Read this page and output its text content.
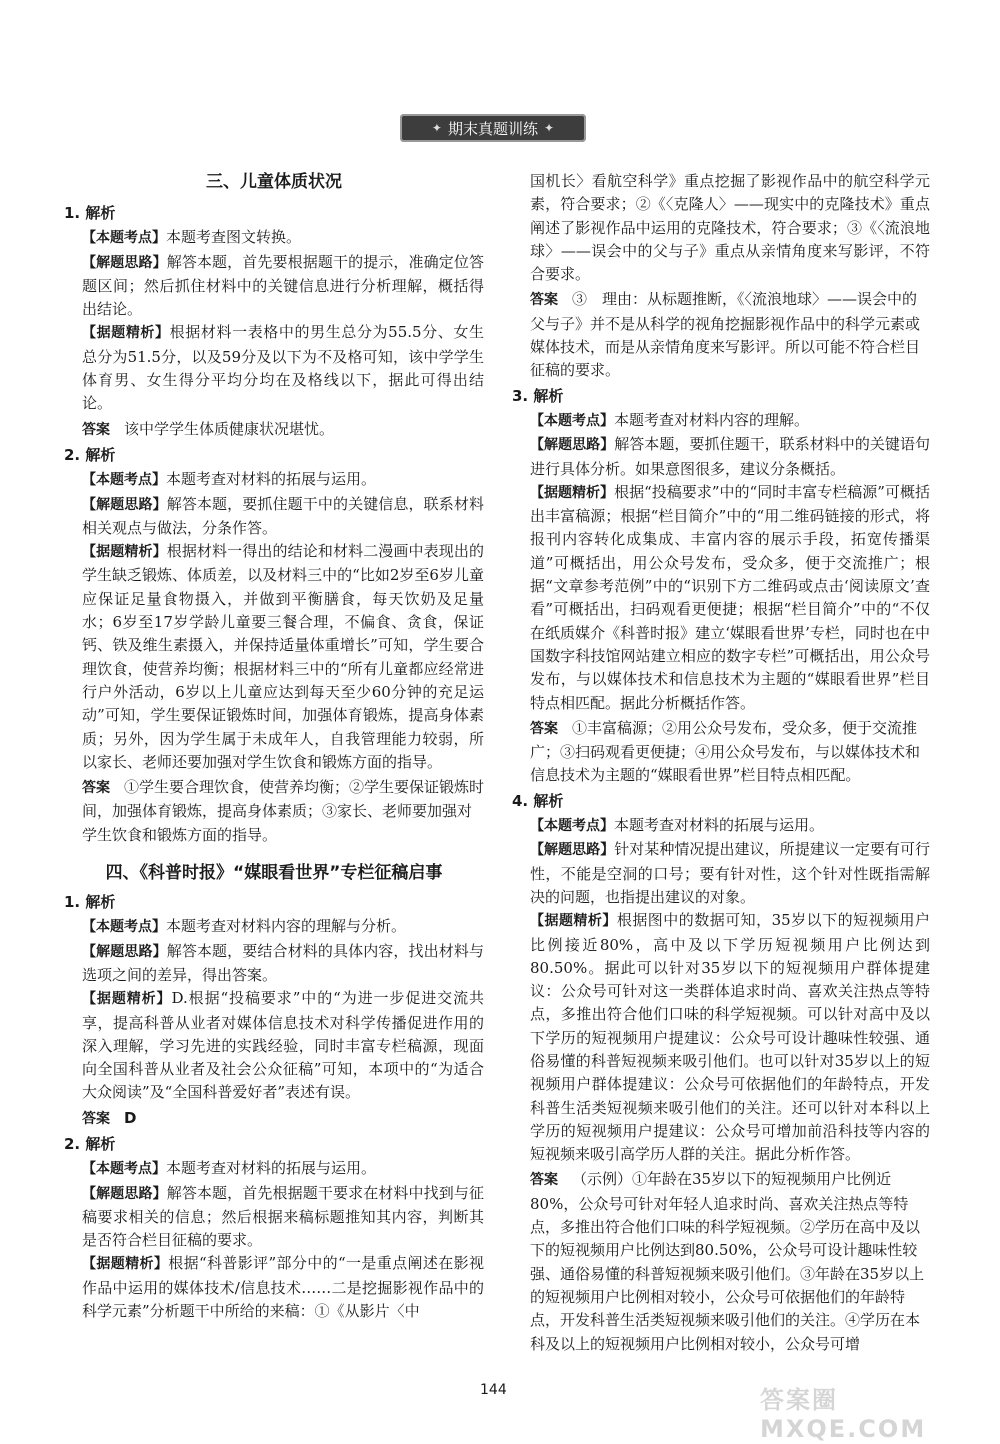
✦ 期末真题训练 ✦
三、儿童体质状况
1. 解析
【本题考点】本题考查图文转换。
【解题思路】解答本题，首先要根据题干的提示，准确定位答题区间；然后抓住材料中的关键信息进行分析理解，概括得出结论。
【据题精析】根据材料一表格中的男生总分为55.5分、女生总分为51.5分，以及59分及以下为不及格可知，该中学学生体育男、女生得分平均分均在及格线以下，据此可得出结论。
答案 该中学学生体质健康状况堪忧。
2. 解析
【本题考点】本题考查对材料的拓展与运用。
【解题思路】解答本题，要抓住题干中的关键信息，联系材料相关观点与做法，分条作答。
【据题精析】根据材料一得出的结论和材料二漫画中表现出的学生缺乏锻炼、体质差，以及材料三中的“比如2岁至6岁儿童应保证足量食物摄入，并做到平衡膳食，每天饮奶及足量水；6岁至17岁学龄儿童要三餐合理，不偏食、贪食，保证钙、铁及维生素摄入，并保持适量体重增长”可知，学生要合理饮食，使营养均衡；根据材料三中的“所有儿童都应经常进行户外活动，6岁以上儿童应达到每天至少60分钟的充足运动”可知，学生要保证锻炼时间，加强体育锻炼，提高身体素质；另外，因为学生属于未成年人，自我管理能力较弱，所以家长、老师还要加强对学生饮食和锻炼方面的指导。
答案 ①学生要合理饮食，使营养均衡；②学生要保证锻炼时间，加强体育锻炼，提高身体素质；③家长、老师要加强对学生饮食和锻炼方面的指导。
四、《科普时报》“媒眼看世界”专栏征稿启事
1. 解析
【本题考点】本题考查对材料内容的理解与分析。
【解题思路】解答本题，要结合材料的具体内容，找出材料与选项之间的差异，得出答案。
【据题精析】D.根据“投稿要求”中的“为进一步促进交流共享，提高科普从业者对媒体信息技术对科学传播促进作用的深入理解，学习先进的实践经验，同时丰富专栏稿源，现面向全国科普从业者及社会公众征稿”可知，本项中的“为适合大众阅读”及“全国科普爱好者”表述有误。
答案 D
2. 解析
【本题考点】本题考查对材料的拓展与运用。
【解题思路】解答本题，首先根据题干要求在材料中找到与征稿要求相关的信息；然后根据来稿标题推知其内容，判断其是否符合栏目征稿的要求。
【据题精析】根据“科普影评”部分中的“一是重点阐述在影视作品中运用的媒体技术/信息技术……二是挖掘影视作品中的科学元素”分析题干中所给的来稿：①《从影片〈中
国机长〉看航空科学》重点挖掘了影视作品中的航空科学元素，符合要求；②《〈克隆人〉——现实中的克隆技术》重点阐述了影视作品中运用的克隆技术，符合要求；③《〈流浪地球〉——误会中的父与子》重点从亲情角度来写影评，不符合要求。
答案 ③　理由：从标题推断，《〈流浪地球〉——误会中的父与子》并不是从科学的视角挖掘影视作品中的科学元素或媒体技术，而是从亲情角度来写影评。所以可能不符合栏目征稿的要求。
3. 解析
【本题考点】本题考查对材料内容的理解。
【解题思路】解答本题，要抓住题干，联系材料中的关键语句进行具体分析。如果意图很多，建议分条概括。
【据题精析】根据“投稿要求”中的“同时丰富专栏稿源”可概括出丰富稿源；根据“栏目简介”中的“用二维码链接的形式，将报刊内容转化成集成、丰富内容的展示手段，拓宽传播渠道”可概括出，用公众号发布，受众多，便于交流推广；根据“文章参考范例”中的“识别下方二维码或点击‘阅读原文’查看”可概括出，扫码观看更便捷；根据“栏目简介”中的“不仅在纸质媒介《科普时报》建立‘媒眼看世界’专栏，同时也在中国数字科技馆网站建立相应的数字专栏”可概括出，用公众号发布，与以媒体技术和信息技术为主题的“媒眼看世界”栏目特点相匹配。据此分析概括作答。
答案 ①丰富稿源；②用公众号发布，受众多，便于交流推广；③扫码观看更便捷；④用公众号发布，与以媒体技术和信息技术为主题的“媒眼看世界”栏目特点相匹配。
4. 解析
【本题考点】本题考查对材料的拓展与运用。
【解题思路】针对某种情况提出建议，所提建议一定要有可行性，不能是空洞的口号；要有针对性，这个针对性既指需解决的问题，也指提出建议的对象。
【据题精析】根据图中的数据可知，35岁以下的短视频用户比例接近80%，高中及以下学历短视频用户比例达到80.50%。据此可以针对35岁以下的短视频用户群体提建议：公众号可针对这一类群体追求时尚、喜欢关注热点等特点，多推出符合他们口味的科学短视频。可以针对高中及以下学历的短视频用户提建议：公众号可设计趣味性较强、通俗易懂的科普短视频来吸引他们。也可以针对35岁以上的短视频用户群体提建议：公众号可依据他们的年龄特点，开发科普生活类短视频来吸引他们的关注。还可以针对本科以上学历的短视频用户提建议：公众号可增加前沿科技等内容的短视频来吸引高学历人群的关注。据此分析作答。
答案 （示例）①年龄在35岁以下的短视频用户比例近80%，公众号可针对年轻人追求时尚、喜欢关注热点等特点，多推出符合他们口味的科学短视频。②学历在高中及以下的短视频用户比例达到80.50%，公众号可设计趣味性较强、通俗易懂的科普短视频来吸引他们。③年龄在35岁以上的短视频用户比例相对较小，公众号可依据他们的年龄特点，开发科普生活类短视频来吸引他们的关注。④学历在本科及以上的短视频用户比例相对较小，公众号可增
144	答案圈 MXQE.COM
